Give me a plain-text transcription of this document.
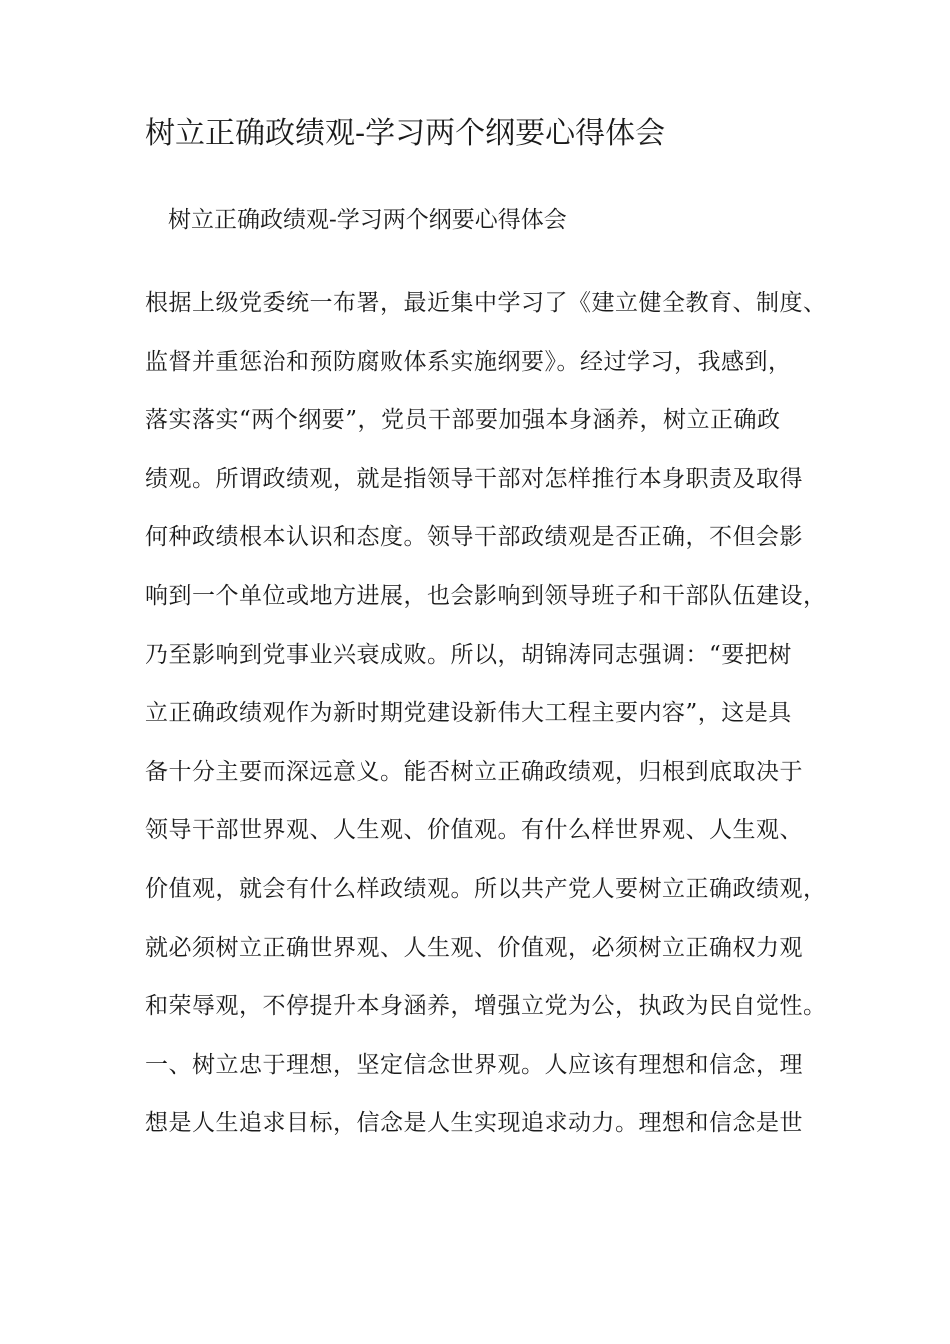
树立正确政绩观-学习两个纲要心得体会
树立正确政绩观-学习两个纲要心得体会
根据上级党委统一布署，最近集中学习了《建立健全教育、制度、
监督并重惩治和预防腐败体系实施纲要》。经过学习，我感到，
落实落实“两个纲要”，党员干部要加强本身涵养，树立正确政
绩观。所谓政绩观，就是指领导干部对怎样推行本身职责及取得
何种政绩根本认识和态度。领导干部政绩观是否正确，不但会影
响到一个单位或地方进展，也会影响到领导班子和干部队伍建设，
乃至影响到党事业兴衰成败。所以，胡锦涛同志强调：“要把树
立正确政绩观作为新时期党建设新伟大工程主要内容”，这是具
备十分主要而深远意义。能否树立正确政绩观，归根到底取决于
领导干部世界观、人生观、价值观。有什么样世界观、人生观、
价值观，就会有什么样政绩观。所以共产党人要树立正确政绩观，
就必须树立正确世界观、人生观、价值观，必须树立正确权力观
和荣辱观，不停提升本身涵养，增强立党为公，执政为民自觉性。
一、树立忠于理想，坚定信念世界观。人应该有理想和信念，理
想是人生追求目标，信念是人生实现追求动力。理想和信念是世
